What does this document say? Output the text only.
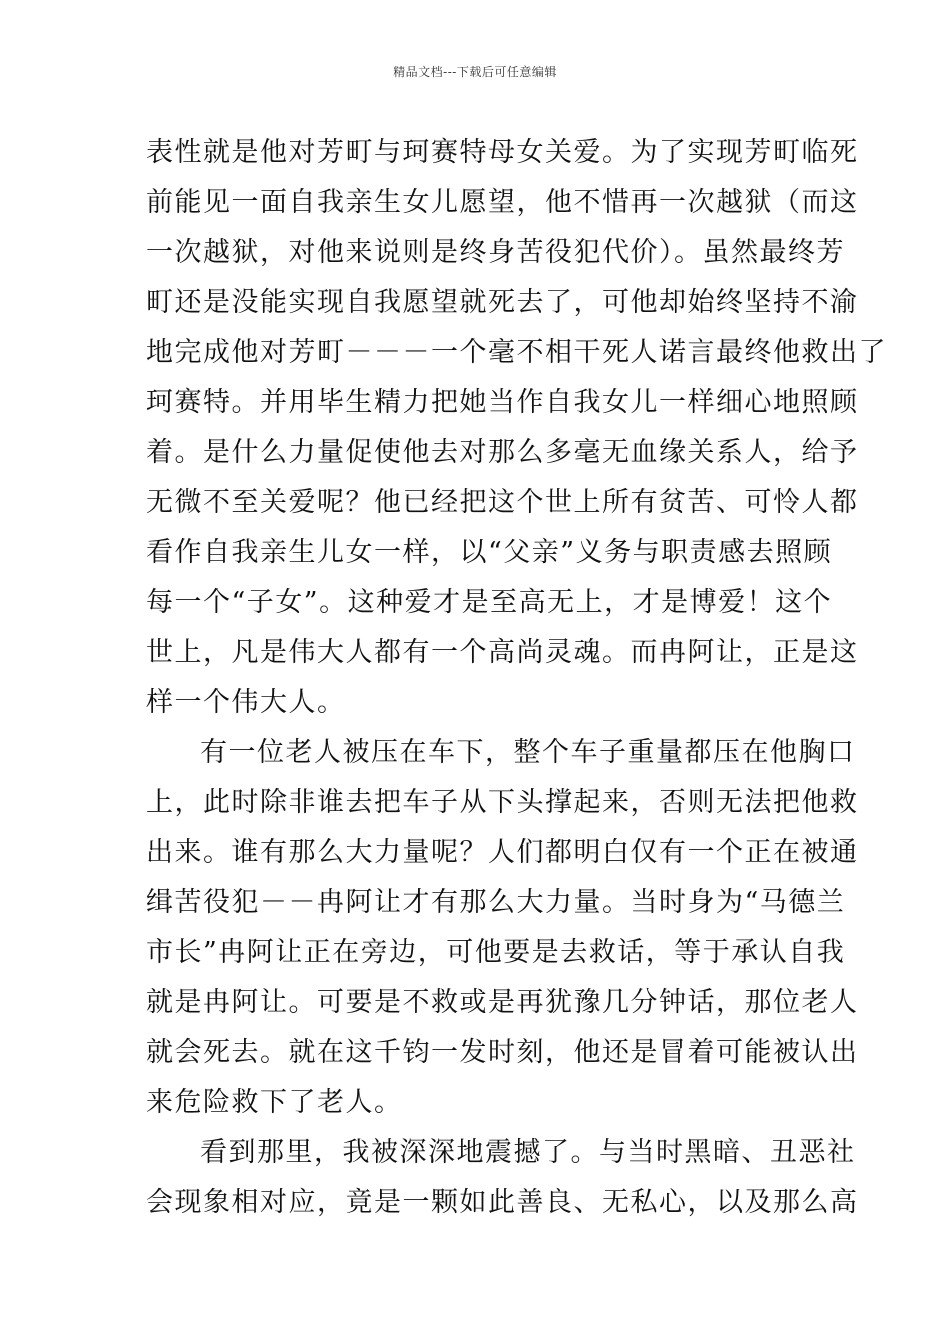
精品文档---下载后可任意编辑
表性就是他对芳町与珂赛特母女关爱。为了实现芳町临死
前能见一面自我亲生女儿愿望，他不惜再一次越狱（而这
一次越狱，对他来说则是终身苦役犯代价）。虽然最终芳
町还是没能实现自我愿望就死去了，可他却始终坚持不渝
地完成他对芳町－－－一个毫不相干死人诺言最终他救出了
珂赛特。并用毕生精力把她当作自我女儿一样细心地照顾
着。是什么力量促使他去对那么多毫无血缘关系人，给予
无微不至关爱呢？他已经把这个世上所有贫苦、可怜人都
看作自我亲生儿女一样，以“父亲”义务与职责感去照顾
每一个“子女”。这种爱才是至高无上，才是博爱！这个
世上，凡是伟大人都有一个高尚灵魂。而冉阿让，正是这
样一个伟大人。
有一位老人被压在车下，整个车子重量都压在他胸口
上，此时除非谁去把车子从下头撑起来，否则无法把他救
出来。谁有那么大力量呢？人们都明白仅有一个正在被通
缉苦役犯－－冉阿让才有那么大力量。当时身为“马德兰
市长”冉阿让正在旁边，可他要是去救话，等于承认自我
就是冉阿让。可要是不救或是再犹豫几分钟话，那位老人
就会死去。就在这千钧一发时刻，他还是冒着可能被认出
来危险救下了老人。
看到那里，我被深深地震撼了。与当时黑暗、丑恶社
会现象相对应，竟是一颗如此善良、无私心，以及那么高
